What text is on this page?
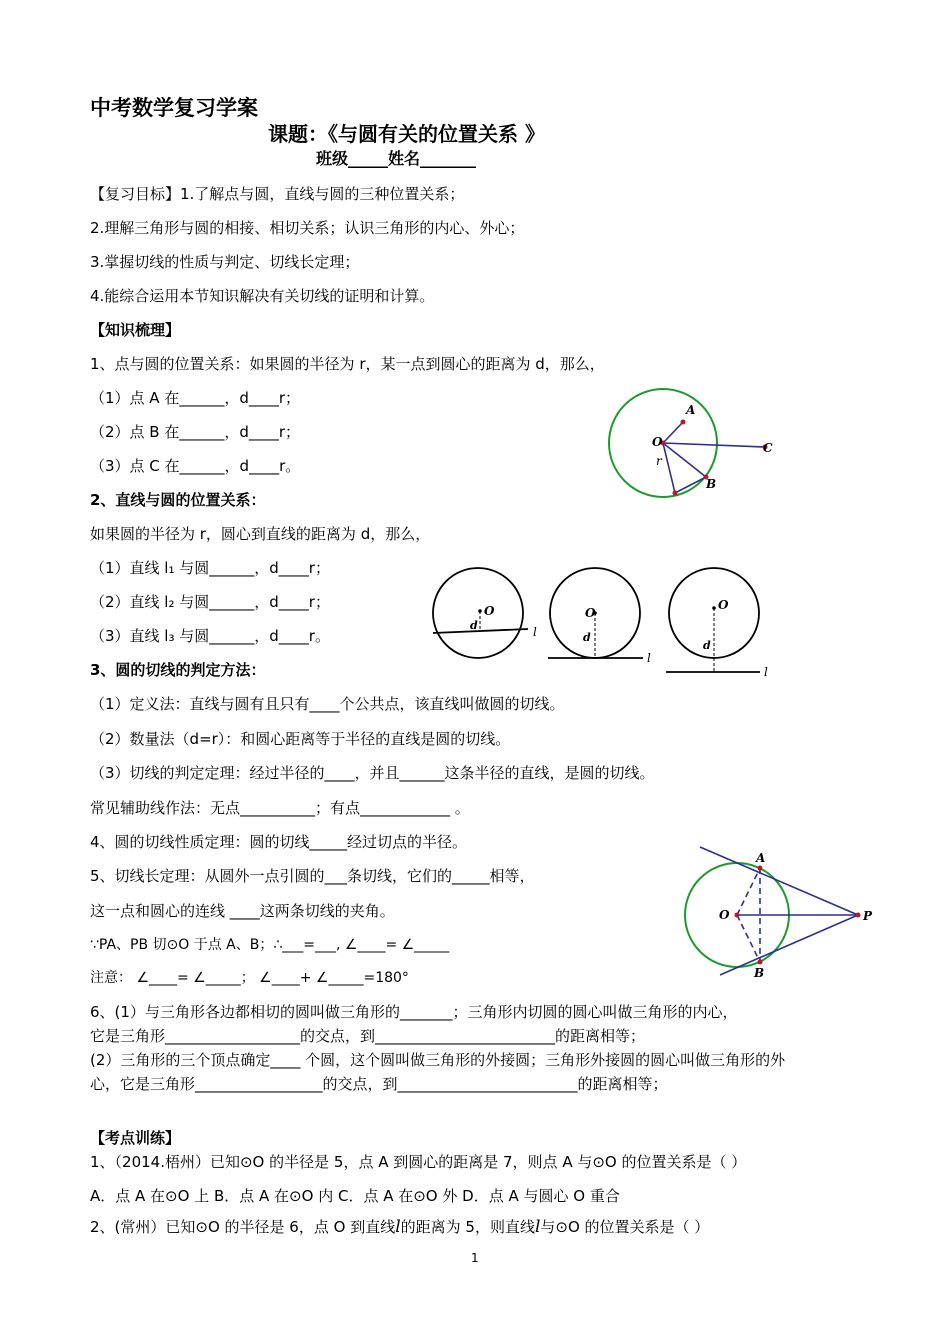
中考数学复习学案
课题：《与圆有关的位置关系 》
班级_____姓名_______
【复习目标】1.了解点与圆，直线与圆的三种位置关系；
2.理解三角形与圆的相接、相切关系；认识三角形的内心、外心；
3.掌握切线的性质与判定、切线长定理；
4.能综合运用本节知识解决有关切线的证明和计算。
【知识梳理】
1、点与圆的位置关系：如果圆的半径为 r，某一点到圆心的距离为 d，那么，
（1）点 A 在______，d____r；
（2）点 B 在______，d____r；
（3）点 C 在______，d____r。
2、直线与圆的位置关系：
如果圆的半径为 r，圆心到直线的距离为 d，那么，
（1）直线 l₁ 与圆______，d____r；
（2）直线 l₂ 与圆______，d____r；
（3）直线 l₃ 与圆______，d____r。
3、圆的切线的判定方法：
（1）定义法：直线与圆有且只有____个公共点，该直线叫做圆的切线。
（2）数量法（d=r）：和圆心距离等于半径的直线是圆的切线。
（3）切线的判定定理：经过半径的____，并且______这条半径的直线，是圆的切线。
常见辅助线作法：无点__________；有点____________ 。
4、圆的切线性质定理：圆的切线_____经过切点的半径。
5、切线长定理：从圆外一点引圆的___条切线，它们的_____相等，
这一点和圆心的连线 ____这两条切线的夹角。
∵PA、PB 切⊙O 于点 A、B；∴___=___, ∠____= ∠_____
注意： ∠____= ∠_____； ∠____+ ∠_____=180°
6、(1）与三角形各边都相切的圆叫做三角形的_______；三角形内切圆的圆心叫做三角形的内心，
它是三角形__________________的交点，到________________________的距离相等；
(2）三角形的三个顶点确定____ 个圆，这个圆叫做三角形的外接圆；三角形外接圆的圆心叫做三角形的外
心，它是三角形_________________的交点，到________________________的距离相等；
【考点训练】
1、（2014.梧州）已知⊙O 的半径是 5，点 A 到圆心的距离是 7，则点 A 与⊙O 的位置关系是（ ）
A．点 A 在⊙O 上 B．点 A 在⊙O 内 C．点 A 在⊙O 外 D．点 A 与圆心 O 重合
2、(常州）已知⊙O 的半径是 6，点 O 到直线l的距离为 5，则直线l与⊙O 的位置关系是（ ）
1
O
A
C
B
r
O
d	l
O
d
l
O
d
l
A
O	P
B
